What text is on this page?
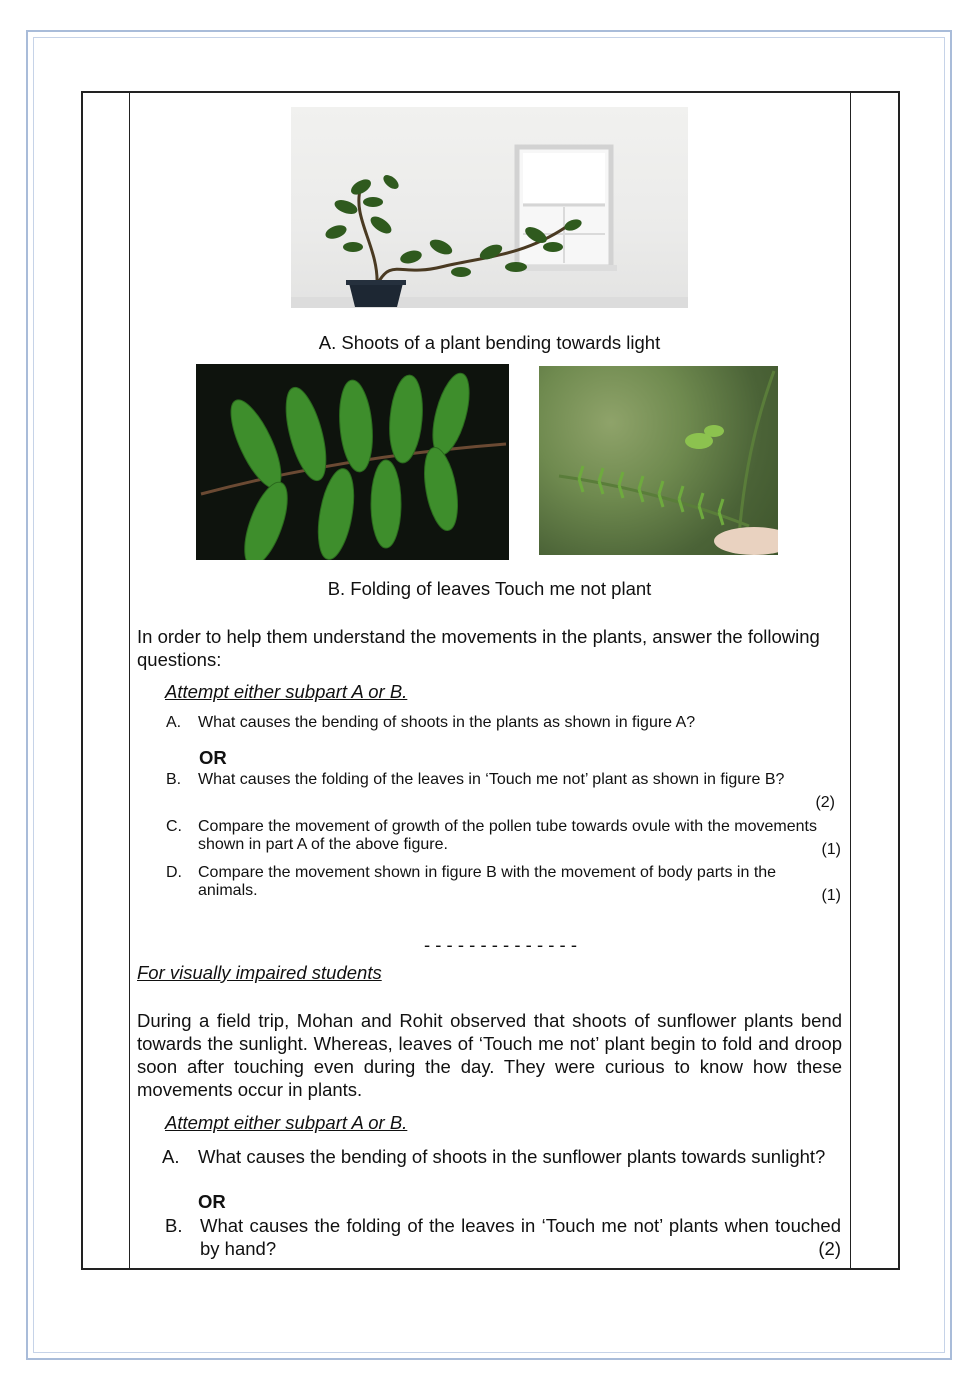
A. Shoots of a plant bending towards light
B. Folding of leaves Touch me not plant
In order to help them understand the movements in the plants, answer the following questions:
Attempt either subpart A or B.
A. What causes the bending of shoots in the plants as shown in figure A?
OR
B. What causes the folding of the leaves in ‘Touch me not’ plant as shown in figure B?
(2)
C. Compare the movement of growth of the pollen tube towards ovule with the movements shown in part A of the above figure.	(1)
D. Compare the movement shown in figure B with the movement of body parts in the animals.	(1)
- - - - - - - - - - - - - -
For visually impaired students
During a field trip, Mohan and Rohit observed that shoots of sunflower plants bend towards the sunlight. Whereas, leaves of ‘Touch me not’ plant begin to fold and droop soon after touching even during the day. They were curious to know how these movements occur in plants.
Attempt either subpart A or B.
A. What causes the bending of shoots in the sunflower plants towards sunlight?
OR
B. What causes the folding of the leaves in ‘Touch me not’ plants when touched by hand?	(2)
